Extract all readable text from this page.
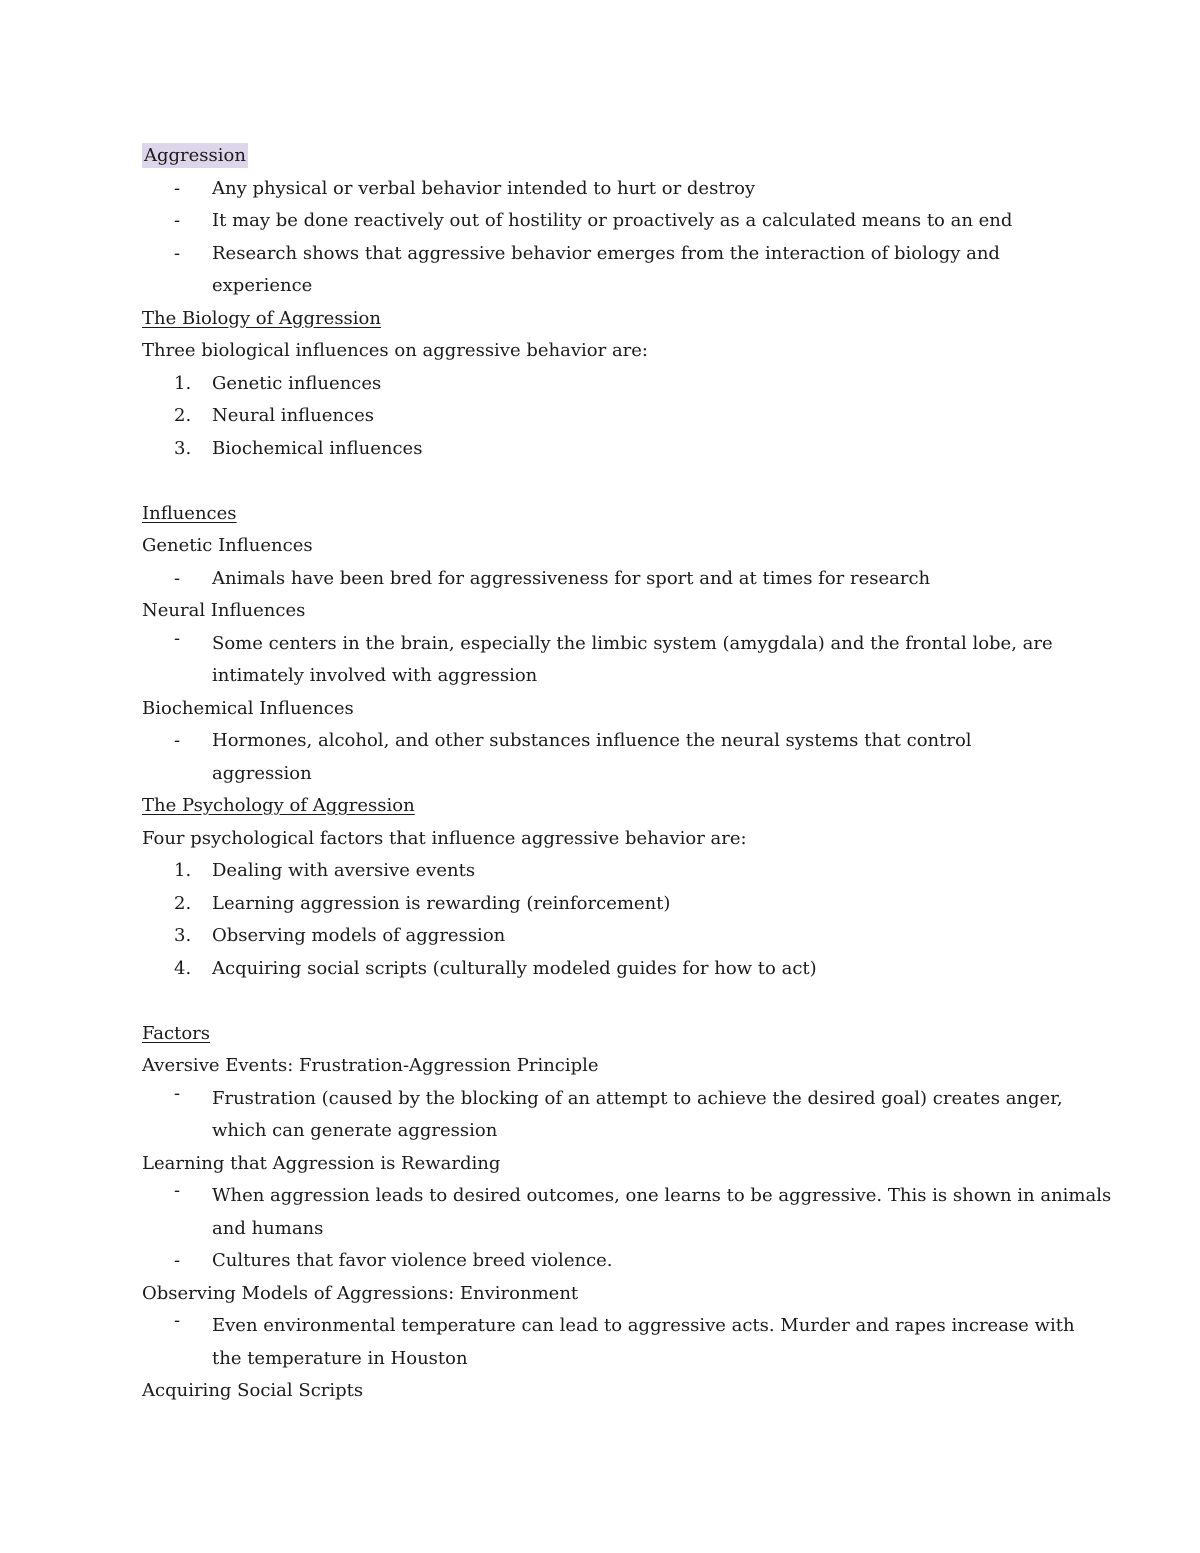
Aggression
-	Any physical or verbal behavior intended to hurt or destroy
-	It may be done reactively out of hostility or proactively as a calculated means to an end
-	Research shows that aggressive behavior emerges from the interaction of biology and experience
The Biology of Aggression
Three biological influences on aggressive behavior are:
1.	Genetic influences
2.	Neural influences
3.	Biochemical influences
Influences
Genetic Influences
-	Animals have been bred for aggressiveness for sport and at times for research
Neural Influences
-	Some centers in the brain, especially the limbic system (amygdala) and the frontal lobe, are intimately involved with aggression
Biochemical Influences
-	Hormones, alcohol, and other substances influence the neural systems that control aggression
The Psychology of Aggression
Four psychological factors that influence aggressive behavior are:
1.	Dealing with aversive events
2.	Learning aggression is rewarding (reinforcement)
3.	Observing models of aggression
4.	Acquiring social scripts (culturally modeled guides for how to act)
Factors
Aversive Events: Frustration-Aggression Principle
-	Frustration (caused by the blocking of an attempt to achieve the desired goal) creates anger, which can generate aggression
Learning that Aggression is Rewarding
-	When aggression leads to desired outcomes, one learns to be aggressive. This is shown in animals and humans
-	Cultures that favor violence breed violence.
Observing Models of Aggressions: Environment
-	Even environmental temperature can lead to aggressive acts. Murder and rapes increase with the temperature in Houston
Acquiring Social Scripts
